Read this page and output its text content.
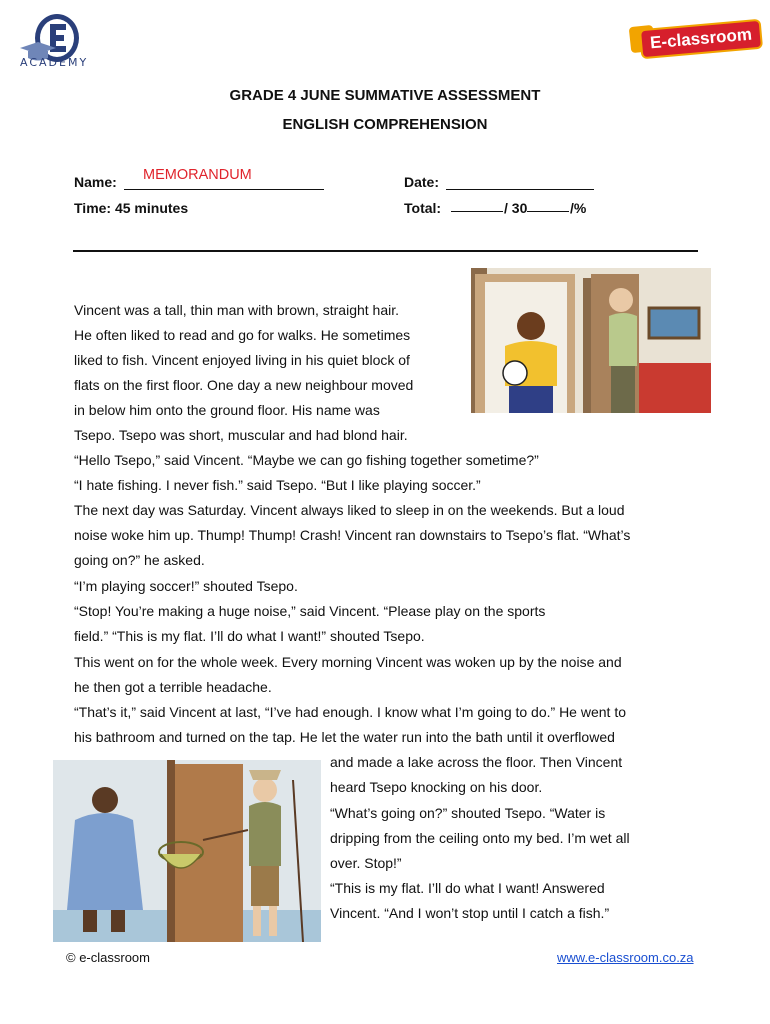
ACADEMY
E-classroom
GRADE 4 JUNE SUMMATIVE ASSESSMENT
ENGLISH COMPREHENSION
Name: MEMORANDUM
Time: 45 minutes
Date:
Total:	/ 30	/%
Vincent was a tall, thin man with brown, straight hair.
He often liked to read and go for walks. He sometimes
liked to fish. Vincent enjoyed living in his quiet block of
flats on the first floor. One day a new neighbour moved
in below him onto the ground floor. His name was
Tsepo. Tsepo was short, muscular and had blond hair.
“Hello Tsepo,” said Vincent. “Maybe we can go fishing together sometime?”
“I hate fishing. I never fish.” said Tsepo. “But I like playing soccer.”
The next day was Saturday. Vincent always liked to sleep in on the weekends. But a loud
noise woke him up. Thump! Thump! Crash! Vincent ran downstairs to Tsepo’s flat. “What’s
going on?” he asked.
“I’m playing soccer!” shouted Tsepo.
“Stop! You’re making a huge noise,” said Vincent. “Please play on the sports
field.” “This is my flat. I’ll do what I want!” shouted Tsepo.
This went on for the whole week. Every morning Vincent was woken up by the noise and
he then got a terrible headache.
“That’s it,” said Vincent at last, “I’ve had enough. I know what I’m going to do.” He went to
his bathroom and turned on the tap. He let the water run into the bath until it overflowed
and made a lake across the floor. Then Vincent
heard Tsepo knocking on his door.
“What’s going on?” shouted Tsepo. “Water is
dripping from the ceiling onto my bed. I’m wet all
over. Stop!”
“This is my flat. I’ll do what I want! Answered
Vincent. “And I won’t stop until I catch a fish.”
© e-classroom	www.e-classroom.co.za
